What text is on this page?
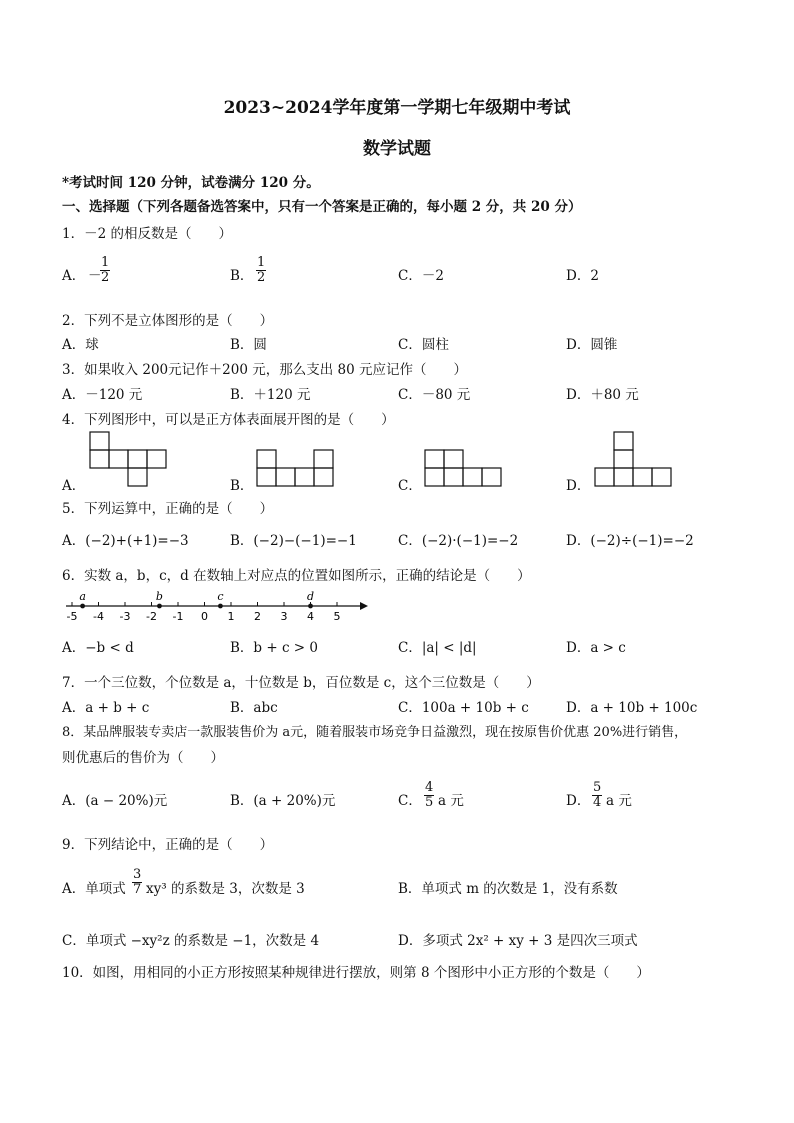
2023~2024学年度第一学期七年级期中考试
数学试题
*考试时间 120 分钟，试卷满分 120 分。
一、选择题（下列各题备选答案中，只有一个答案是正确的，每小题 2 分，共 20 分）
1．－2 的相反数是（　　）
A． －
$\frac{1}{2}$	B． $\frac{1}{2}$	C．－2	D．2
2．下列不是立体图形的是（　　）
A．球	B．圆	C．圆柱	D．圆锥
3．如果收入 200元记作＋200 元，那么支出 80 元应记作（　　）
A．－120 元	B．＋120 元	C．－80 元	D．＋80 元
4．下列图形中，可以是正方体表面展开图的是（　　）
A．	B．	C．	D．
5．下列运算中，正确的是（　　）
A．(−2)+(+1)=−3	B．(−2)−(−1)=−1	C．(−2)·(−1)=−2	D．(−2)÷(−1)=−2
6．实数 a，b，c，d 在数轴上对应点的位置如图所示，正确的结论是（　　）
-5 -4 -3 -2 -1 0 1 2 3 4 5
a	b	c	d
A．−b < d	B．b + c > 0	C．|a| < |d|	D．a > c
7．一个三位数，个位数是 a，十位数是 b，百位数是 c，这个三位数是（　　）
A．a + b + c	B．abc	C．100a + 10b + c	D．a + 10b + 100c
8．某品牌服装专卖店一款服装售价为 a元，随着服装市场竞争日益激烈，现在按原售价优惠 20%进行销售，
则优惠后的售价为（　　）
A．(a − 20%)元	B．(a + 20%)元	C． $\frac{4}{5}$ a 元	D． $\frac{5}{4}$ a 元
9．下列结论中，正确的是（　　）
A．单项式 $\frac{3}{7} xy^3$ 的系数是 3，次数是 3	B．单项式 m 的次数是 1，没有系数
C．单项式 −xy²z 的系数是 −1，次数是 4	D．多项式 2x² + xy + 3 是四次三项式
10．如图，用相同的小正方形按照某种规律进行摆放，则第 8 个图形中小正方形的个数是（　　）
